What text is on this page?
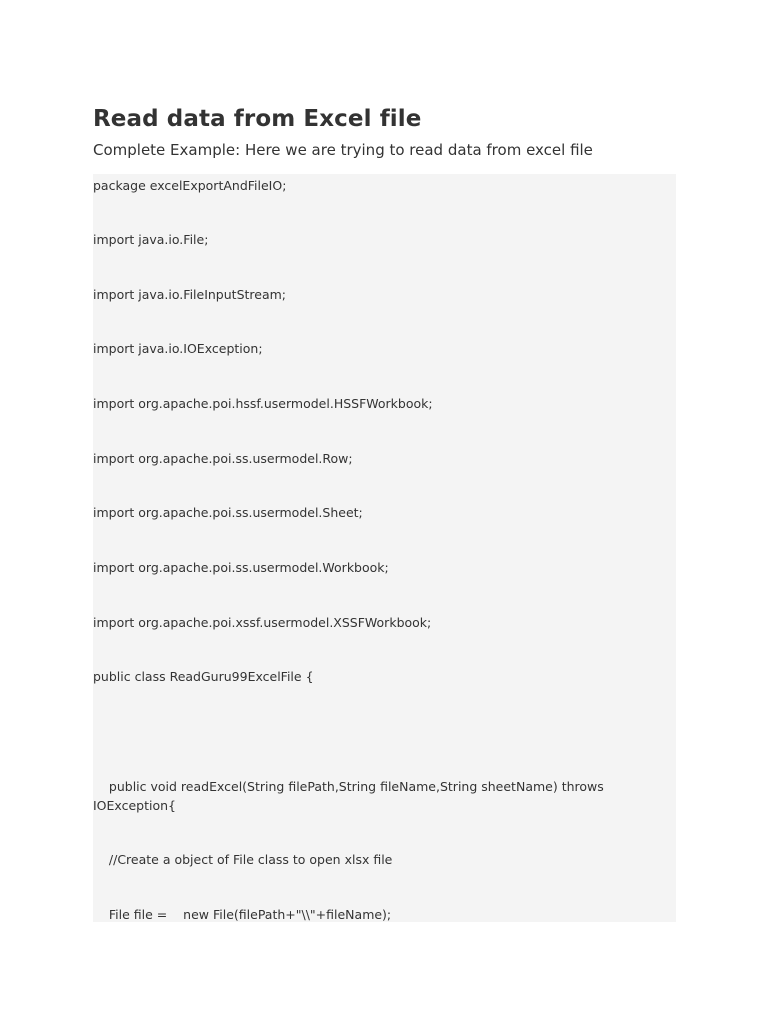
Read data from Excel file

Complete Example: Here we are trying to read data from excel file

package excelExportAndFileIO;
import java.io.File;
import java.io.FileInputStream;
import java.io.IOException;
import org.apache.poi.hssf.usermodel.HSSFWorkbook;
import org.apache.poi.ss.usermodel.Row;
import org.apache.poi.ss.usermodel.Sheet;
import org.apache.poi.ss.usermodel.Workbook;
import org.apache.poi.xssf.usermodel.XSSFWorkbook;
public class ReadGuru99ExcelFile {
public void readExcel(String filePath,String fileName,String sheetName) throws IOException{
//Create a object of File class to open xlsx file
File file =    new File(filePath+"\\"+fileName);
